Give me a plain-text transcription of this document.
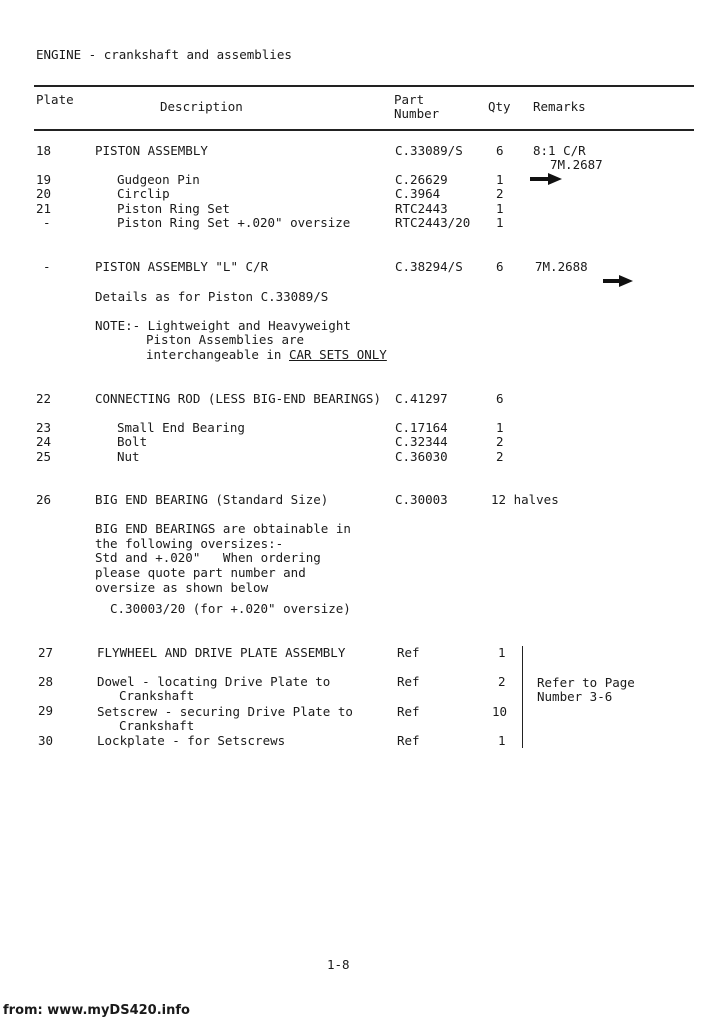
ENGINE - crankshaft and assemblies
Plate	Description	Part
Number	Qty Remarks
18	PISTON ASSEMBLY	C.33089/S	6 8:1 C/R

7M.2687
19	Gudgeon Pin	C.26629	1
20	Circlip	C.3964	2
21	Piston Ring Set	RTC2443	1
-	Piston Ring Set +.020" oversize	RTC2443/20 1
-	PISTON ASSEMBLY "L" C/R	C.38294/S	6	7M.2688

Details as for Piston C.33089/S
NOTE:- Lightweight and Heavyweight
Piston Assemblies are
interchangeable in CAR SETS ONLY
22	CONNECTING ROD (LESS BIG-END BEARINGS) C.41297	6
23	Small End Bearing	C.17164	1
24	Bolt	C.32344	2
25	Nut	C.36030	2
26	BIG END BEARING (Standard Size)	C.30003	12 halves
BIG END BEARINGS are obtainable in
the following oversizes:-
Std and +.020"   When ordering
please quote part number and
oversize as shown below
C.30003/20 (for +.020" oversize)
27	FLYWHEEL AND DRIVE PLATE ASSEMBLY	Ref	1
28	Dowel - locating Drive Plate to
Crankshaft
Ref	2	Refer to Page
Number 3-6
29	Setscrew - securing Drive Plate to
Crankshaft
Ref	10
30	Lockplate - for Setscrews	Ref	1
1-8
from: www.myDS420.info
